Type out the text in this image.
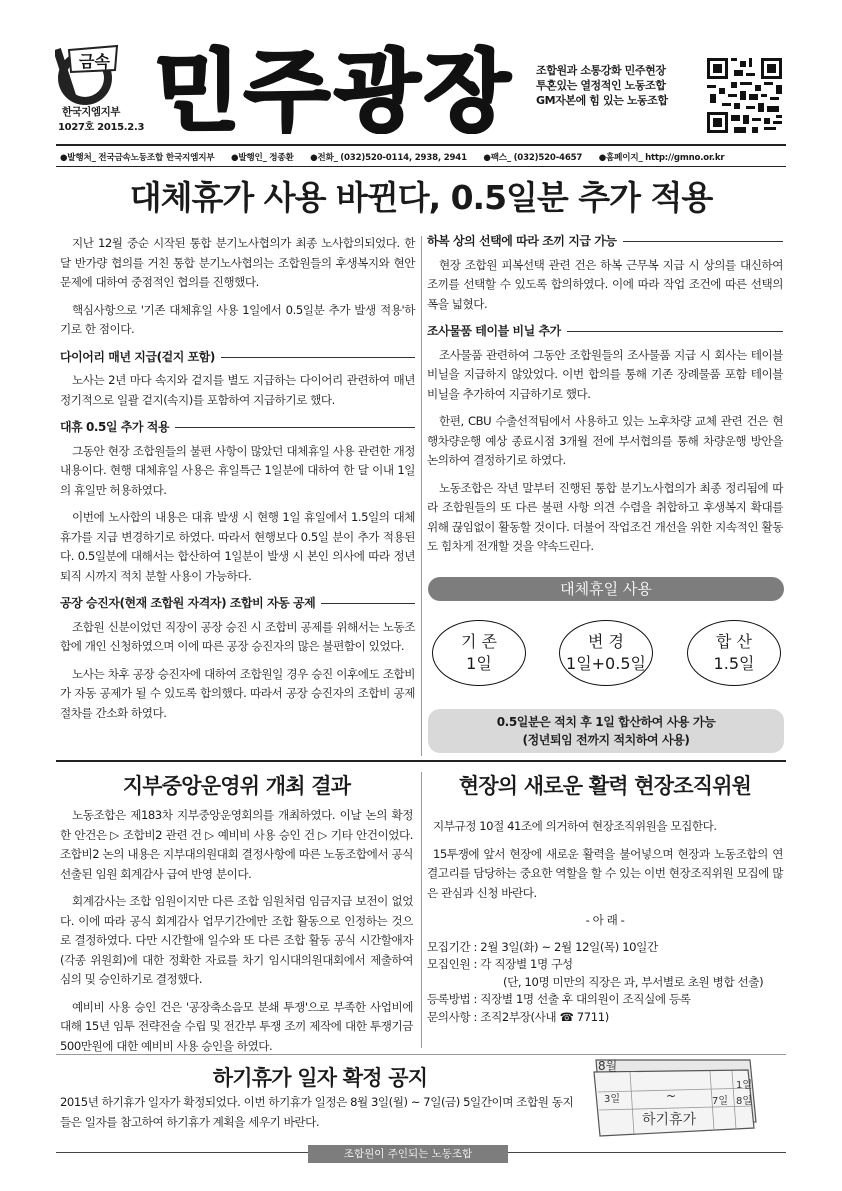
금속
한국지엠지부
1027호 2015.2.3 민주광장 조합원과 소통강화 민주현장
투혼있는 열정적인 노동조합
GM자본에 힘 있는 노동조합
●발행처_ 전국금속노동조합 한국지엠지부 ●발행인_ 정종환 ●전화_ (032)520-0114, 2938, 2941 ●팩스_ (032)520-4657 ●홈페이지_ http://gmno.or.kr
대체휴가 사용 바뀐다, 0.5일분 추가 적용

지난 12월 중순 시작된 통합 분기노사협의가 최종 노사합의되었다. 한 달 반가량 협의를 거친 통합 분기노사협의는 조합원들의 후생복지와 현안문제에 대하여 중점적인 협의를 진행했다.

핵심사항으로 '기존 대체휴일 사용 1일에서 0.5일분 추가 발생 적용'하기로 한 점이다.

다이어리 매년 지급(겉지 포함)

노사는 2년 마다 속지와 겉지를 별도 지급하는 다이어리 관련하여 매년 정기적으로 일괄 겉지(속지)를 포함하여 지급하기로 했다.

대휴 0.5일 추가 적용

그동안 현장 조합원들의 불편 사항이 많았던 대체휴일 사용 관련한 개정 내용이다. 현행 대체휴일 사용은 휴일특근 1일분에 대하여 한 달 이내 1일의 휴일만 허용하였다.

이번에 노사합의 내용은 대휴 발생 시 현행 1일 휴일에서 1.5일의 대체휴가를 지급 변경하기로 하였다. 따라서 현행보다 0.5일 분이 추가 적용된다. 0.5일분에 대해서는 합산하여 1일분이 발생 시 본인 의사에 따라 정년퇴직 시까지 적치 분할 사용이 가능하다.

공장 승진자(현재 조합원 자격자) 조합비 자동 공제

조합원 신분이었던 직장이 공장 승진 시 조합비 공제를 위해서는 노동조합에 개인 신청하였으며 이에 따른 공장 승진자의 많은 불편함이 있었다.

노사는 차후 공장 승진자에 대하여 조합원일 경우 승진 이후에도 조합비가 자동 공제가 될 수 있도록 합의했다. 따라서 공장 승진자의 조합비 공제 절차를 간소화 하였다.

하복 상의 선택에 따라 조끼 지급 가능

현장 조합원 피복선택 관련 건은 하복 근무복 지급 시 상의를 대신하여 조끼를 선택할 수 있도록 합의하였다. 이에 따라 작업 조건에 따른 선택의 폭을 넓혔다.

조사물품 테이블 비닐 추가

조사물품 관련하여 그동안 조합원들의 조사물품 지급 시 회사는 테이블 비닐을 지급하지 않았었다. 이번 합의를 통해 기존 장례물품 포함 테이블 비닐을 추가하여 지급하기로 했다.

한편, CBU 수출선적팀에서 사용하고 있는 노후차량 교체 관련 건은 현행차량운행 예상 종료시점 3개월 전에 부서협의를 통해 차량운행 방안을 논의하여 결정하기로 하였다.

노동조합은 작년 말부터 진행된 통합 분기노사협의가 최종 정리됨에 따라 조합원들의 또 다른 불편 사항 의견 수렴을 취합하고 후생복지 확대를 위해 끊임없이 활동할 것이다. 더불어 작업조건 개선을 위한 지속적인 활동도 힘차게 전개할 것을 약속드린다.

대체휴일 사용
기 존
1일
변 경
1일+0.5일
합 산
1.5일
0.5일분은 적치 후 1일 합산하여 사용 가능
(정년퇴임 전까지 적치하여 사용)
지부중앙운영위 개최 결과

노동조합은 제183차 지부중앙운영회의를 개최하였다. 이날 논의 확정한 안건은 ▷ 조합비2 관련 건 ▷ 예비비 사용 승인 건 ▷ 기타 안건이었다. 조합비2 논의 내용은 지부대의원대회 결정사항에 따른 노동조합에서 공식 선출된 임원 회계감사 급여 반영 분이다.

회계감사는 조합 임원이지만 다른 조합 임원처럼 임금지급 보전이 없었다. 이에 따라 공식 회계감사 업무기간에만 조합 활동으로 인정하는 것으로 결정하였다. 다만 시간할애 일수와 또 다른 조합 활동 공식 시간할애자(각종 위원회)에 대한 정확한 자료를 차기 임시대의원대회에서 제출하여 심의 및 승인하기로 결정했다.

예비비 사용 승인 건은 '공장축소음모 분쇄 투쟁'으로 부족한 사업비에 대해 15년 임투 전략전술 수립 및 전간부 투쟁 조끼 제작에 대한 투쟁기금 500만원에 대한 예비비 사용 승인을 하였다.

현장의 새로운 활력 현장조직위원

지부규정 10절 41조에 의거하여 현장조직위원을 모집한다.

15투쟁에 앞서 현장에 새로운 활력을 불어넣으며 현장과 노동조합의 연결고리를 담당하는 중요한 역할을 할 수 있는 이번 현장조직위원 모집에 많은 관심과 신청 바란다.

- 아 래 -

모집기간 : 2월 3일(화) ~ 2월 12일(목) 10일간
모집인원 : 각 직장별 1명 구성
(단, 10명 미만의 직장은 과, 부서별로 초원 병합 선출)
등록방법 : 직장별 1명 선출 후 대의원이 조직실에 등록
문의사항 : 조직2부장(사내 ☎ 7711)
하기휴가 일자 확정 공지
2015년 하기휴가 일자가 확정되었다. 이번 하기휴가 일정은 8월 3일(월) ~ 7일(금) 5일간이며 조합원 동지들은 일자를 참고하여 하기휴가 계획을 세우기 바란다.
8월
3일	~	7일
1일
8일
하기휴가
조합원이 주인되는 노동조합
